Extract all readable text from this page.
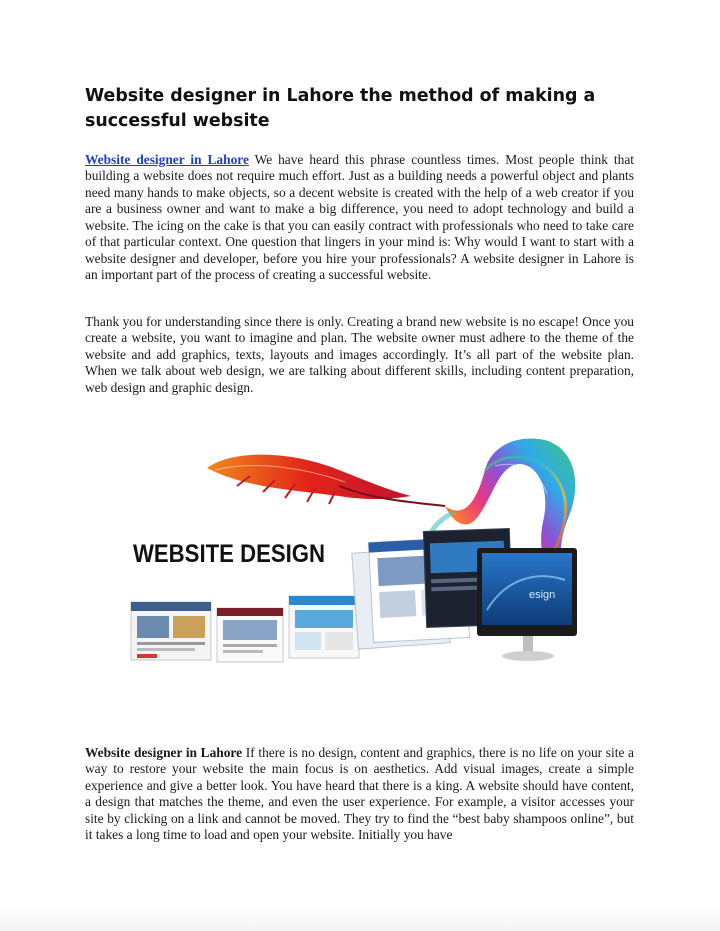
Website designer in Lahore the method of making a successful website

Website designer in Lahore We have heard this phrase countless times. Most people think that building a website does not require much effort. Just as a building needs a powerful object and plants need many hands to make objects, so a decent website is created with the help of a web creator if you are a business owner and want to make a big difference, you need to adopt technology and build a website. The icing on the cake is that you can easily contract with professionals who need to take care of that particular context. One question that lingers in your mind is: Why would I want to start with a website designer and developer, before you hire your professionals? A website designer in Lahore is an important part of the process of creating a successful website.

Thank you for understanding since there is only. Creating a brand new website is no escape! Once you create a website, you want to imagine and plan. The website owner must adhere to the theme of the website and add graphics, texts, layouts and images accordingly. It’s all part of the website plan. When we talk about web design, we are talking about different skills, including content preparation, web design and graphic design.

WEBSITE DESIGN
esign

Website designer in Lahore If there is no design, content and graphics, there is no life on your site a way to restore your website the main focus is on aesthetics. Add visual images, create a simple experience and give a better look. You have heard that there is a king. A website should have content, a design that matches the theme, and even the user experience. For example, a visitor accesses your site by clicking on a link and cannot be moved. They try to find the “best baby shampoos online”, but it takes a long time to load and open your website. Initially you have
